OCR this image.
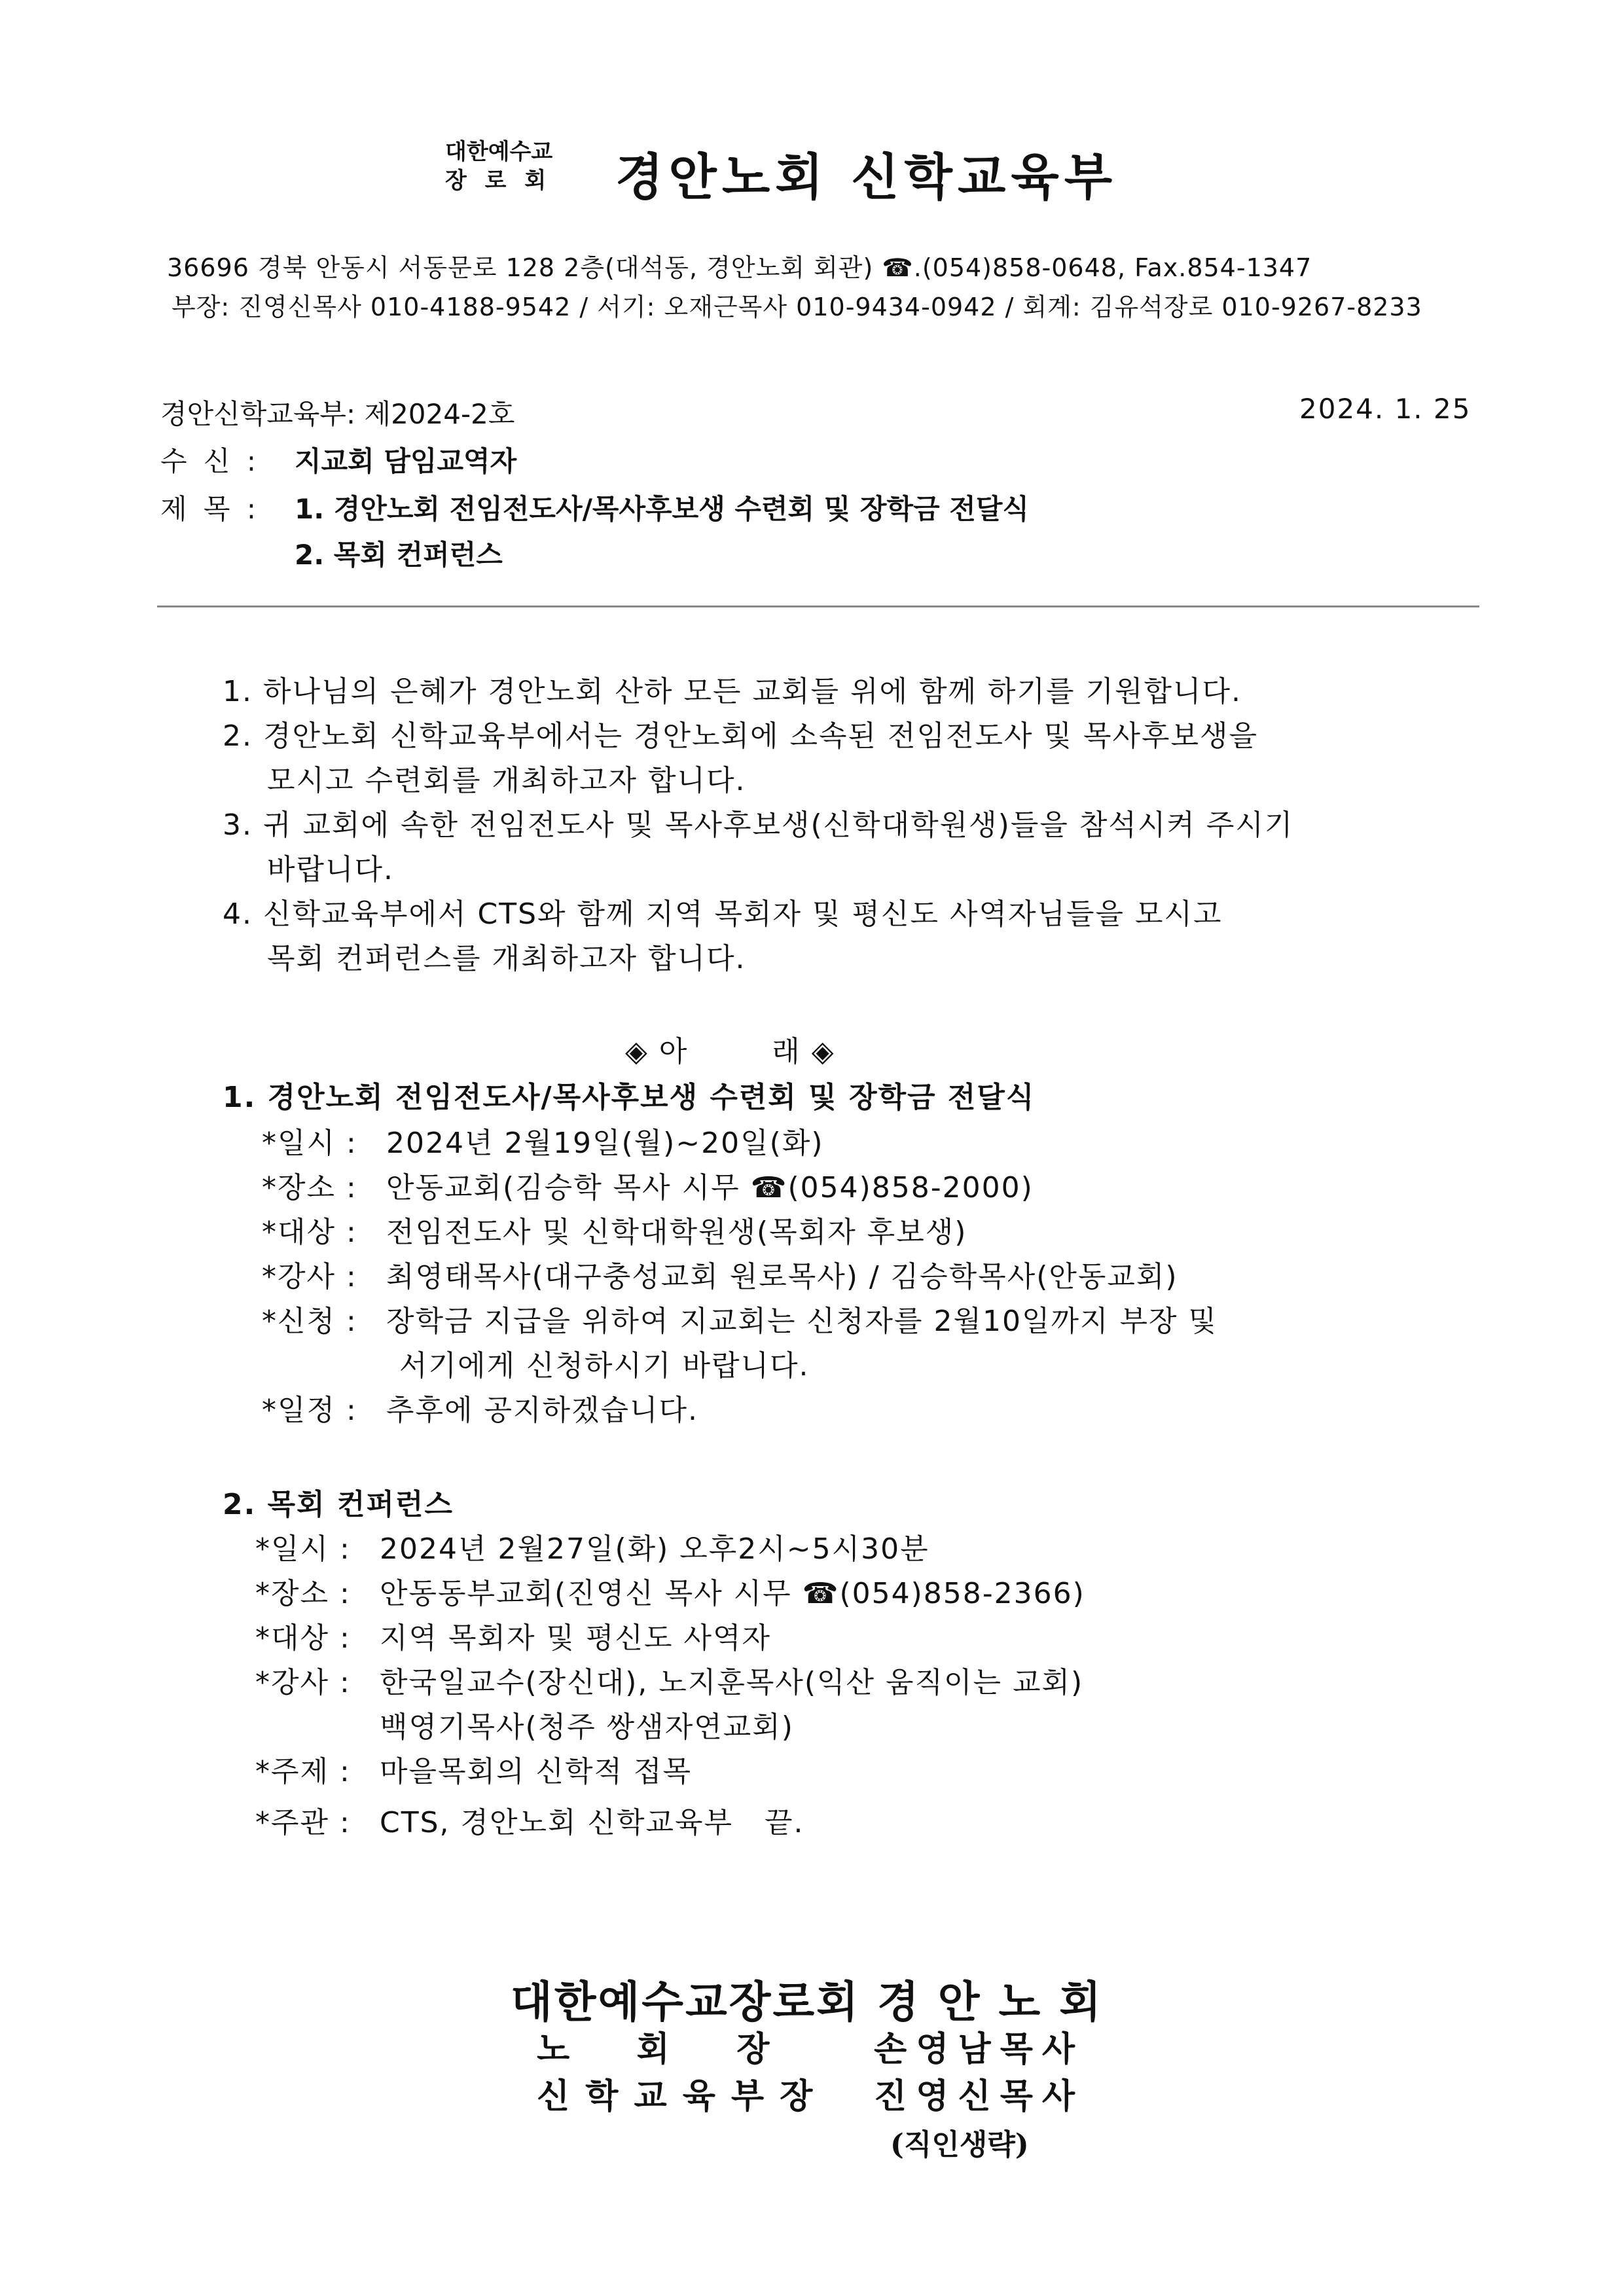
대한예수교
장 로 회 경안노회 신학교육부
36696 경북 안동시 서동문로 128 2층(대석동, 경안노회 회관) ☎.(054)858-0648, Fax.854-1347
부장: 진영신목사 010-4188-9542 / 서기: 오재근목사 010-9434-0942 / 회계: 김유석장로 010-9267-8233
경안신학교육부: 제2024-2호	2024. 1. 25
수 신 : 지교회 담임교역자
제 목 : 1. 경안노회 전임전도사/목사후보생 수련회 및 장학금 전달식
2. 목회 컨퍼런스
1. 하나님의 은혜가 경안노회 산하 모든 교회들 위에 함께 하기를 기원합니다.
2. 경안노회 신학교육부에서는 경안노회에 소속된 전임전도사 및 목사후보생을
모시고 수련회를 개최하고자 합니다.
3. 귀 교회에 속한 전임전도사 및 목사후보생(신학대학원생)들을 참석시켜 주시기
바랍니다.
4. 신학교육부에서 CTS와 함께 지역 목회자 및 평신도 사역자님들을 모시고
목회 컨퍼런스를 개최하고자 합니다.
◈ 아        래 ◈
1. 경안노회 전임전도사/목사후보생 수련회 및 장학금 전달식
*일시 : 2024년 2월19일(월)~20일(화)
*장소 : 안동교회(김승학 목사 시무 ☎(054)858-2000)
*대상 : 전임전도사 및 신학대학원생(목회자 후보생)
*강사 : 최영태목사(대구충성교회 원로목사) / 김승학목사(안동교회)
*신청 : 장학금 지급을 위하여 지교회는 신청자를 2월10일까지 부장 및
서기에게 신청하시기 바랍니다.
*일정 : 추후에 공지하겠습니다.
2. 목회 컨퍼런스
*일시 : 2024년 2월27일(화) 오후2시~5시30분
*장소 : 안동동부교회(진영신 목사 시무 ☎(054)858-2366)
*대상 : 지역 목회자 및 평신도 사역자
*강사 : 한국일교수(장신대), 노지훈목사(익산 움직이는 교회)
백영기목사(청주 쌍샘자연교회)
*주제 : 마을목회의 신학적 접목
*주관 : CTS, 경안노회 신학교육부   끝.
대한예수교장로회 경 안 노 회
노    회    장	손영남목사
신학교육부장 진영신목사
(직인생략)
